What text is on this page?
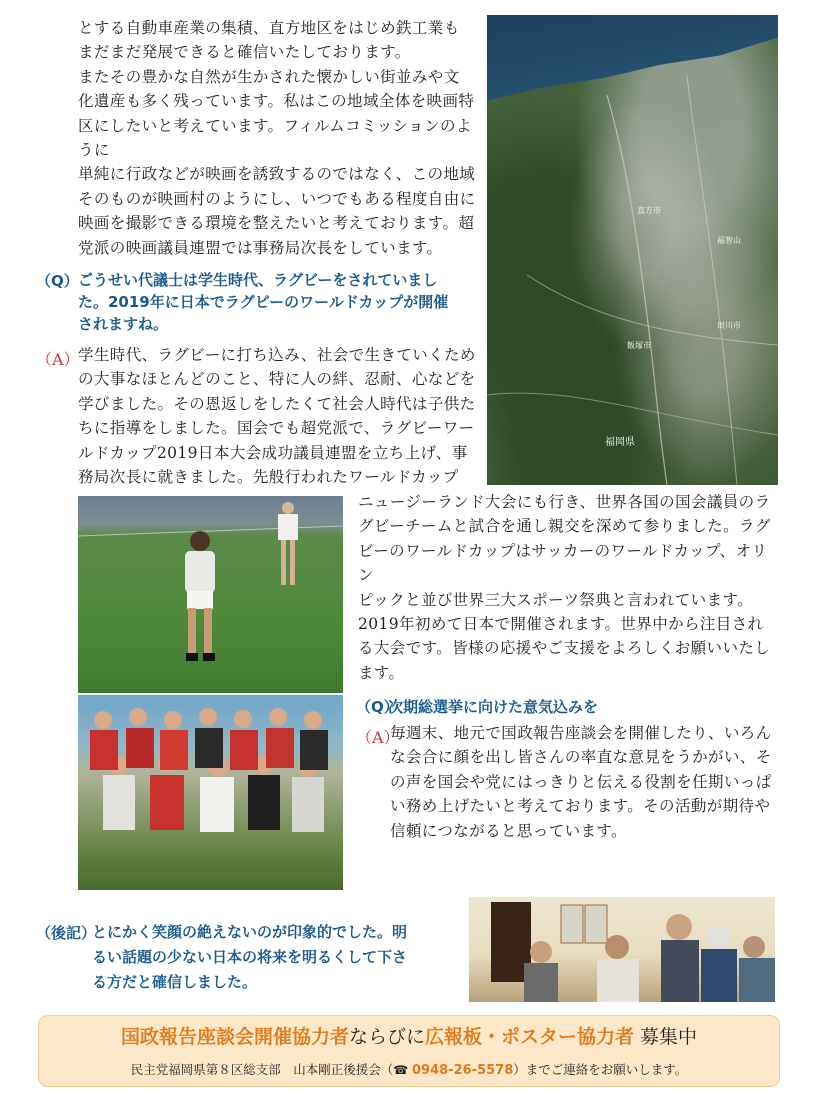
とする自動車産業の集積、直方地区をはじめ鉄工業も
まだまだ発展できると確信いたしております。
またその豊かな自然が生かされた懐かしい街並みや文
化遺産も多く残っています。私はこの地域全体を映画特
区にしたいと考えています。フィルムコミッションのように
単純に行政などが映画を誘致するのではなく、この地域
そのものが映画村のようにし、いつでもある程度自由に
映画を撮影できる環境を整えたいと考えております。超
党派の映画議員連盟では事務局次長をしています。
福岡県
直方市
田川市
飯塚市
福智山
（Q） ごうせい代議士は学生時代、ラグビーをされていまし
た。2019年に日本でラグビーのワールドカップが開催
されますね。
（A）
学生時代、ラグビーに打ち込み、社会で生きていくため
の大事なほとんどのこと、特に人の絆、忍耐、心などを
学びました。その恩返しをしたくて社会人時代は子供た
ちに指導をしました。国会でも超党派で、ラグビーワー
ルドカップ2019日本大会成功議員連盟を立ち上げ、事
務局次長に就きました。先般行われたワールドカップ
ニュージーランド大会にも行き、世界各国の国会議員のラ
グビーチームと試合を通し親交を深めて参りました。ラグ
ビーのワールドカップはサッカーのワールドカップ、オリン
ピックと並び世界三大スポーツ祭典と言われています。
2019年初めて日本で開催されます。世界中から注目され
る大会です。皆様の応援やご支援をよろしくお願いいたし
ます。
（Q）
次期総選挙に向けた意気込みを
（A）
毎週末、地元で国政報告座談会を開催したり、いろん
な会合に顔を出し皆さんの率直な意見をうかがい、そ
の声を国会や党にはっきりと伝える役割を任期いっぱ
い務め上げたいと考えております。その活動が期待や
信頼につながると思っています。
（後記）
とにかく笑顔の絶えないのが印象的でした。明
るい話題の少ない日本の将来を明るくして下さ
る方だと確信しました。
国政報告座談会開催協力者ならびに広報板・ポスター協力者 募集中
民主党福岡県第８区総支部　山本剛正後援会（☎ 0948-26-5578）までご連絡をお願いします。
